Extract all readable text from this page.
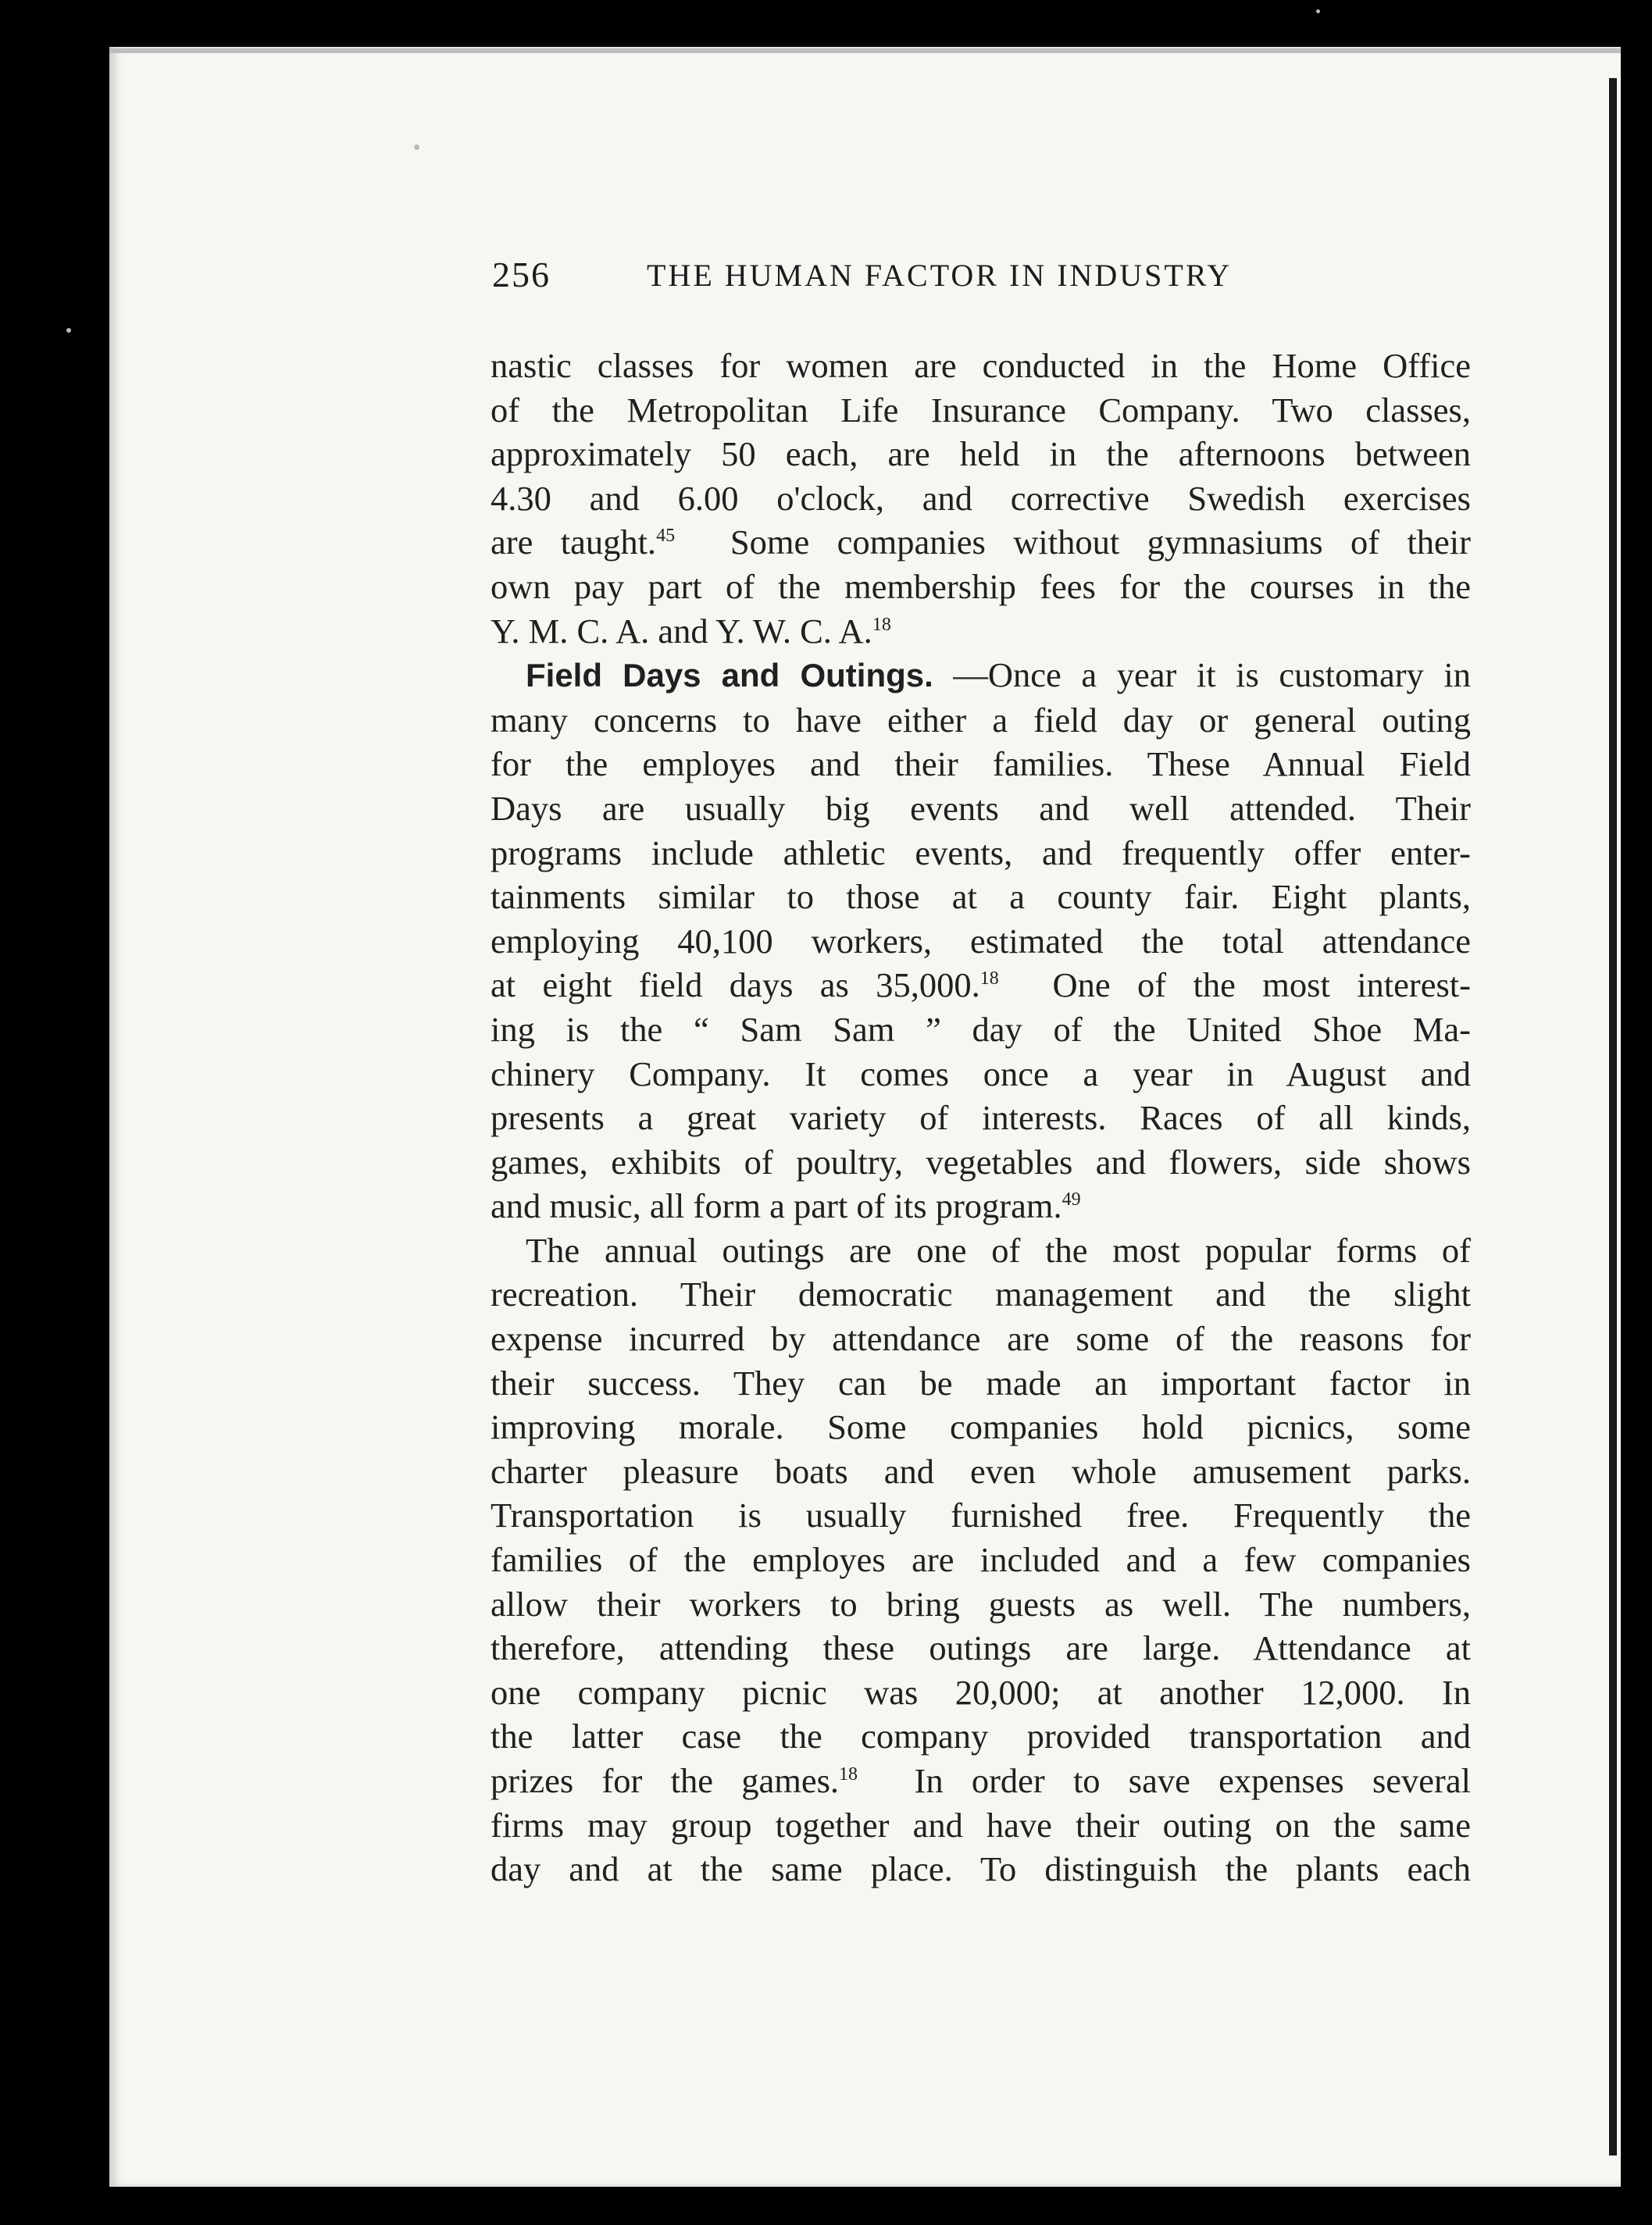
256	THE HUMAN FACTOR IN INDUSTRY
nastic classes for women are conducted in the Home Office
of the Metropolitan Life Insurance Company. Two classes,
approximately 50 each, are held in the afternoons between
4.30 and 6.00 o'clock, and corrective Swedish exercises
are taught.$^{45}$  Some companies without gymnasiums of their
own pay part of the membership fees for the courses in the
Y. M. C. A. and Y. W. C. A.$^{18}$
Field Days and Outings. —Once a year it is customary in
many concerns to have either a field day or general outing
for the employes and their families. These Annual Field
Days are usually big events and well attended. Their
programs include athletic events, and frequently offer enter-
tainments similar to those at a county fair. Eight plants,
employing 40,100 workers, estimated the total attendance
at eight field days as 35,000.18  One of the most interest-
ing is the “ Sam Sam ” day of the United Shoe Ma-
chinery Company. It comes once a year in August and
presents a great variety of interests. Races of all kinds,
games, exhibits of poultry, vegetables and flowers, side shows
and music, all form a part of its program.$^{49}$
The annual outings are one of the most popular forms of
recreation. Their democratic management and the slight
expense incurred by attendance are some of the reasons for
their success. They can be made an important factor in
improving morale. Some companies hold picnics, some
charter pleasure boats and even whole amusement parks.
Transportation is usually furnished free. Frequently the
families of the employes are included and a few companies
allow their workers to bring guests as well. The numbers,
therefore, attending these outings are large. Attendance at
one company picnic was 20,000; at another 12,000. In
the latter case the company provided transportation and
prizes for the games.$^{18}$  In order to save expenses several
firms may group together and have their outing on the same
day and at the same place. To distinguish the plants each
